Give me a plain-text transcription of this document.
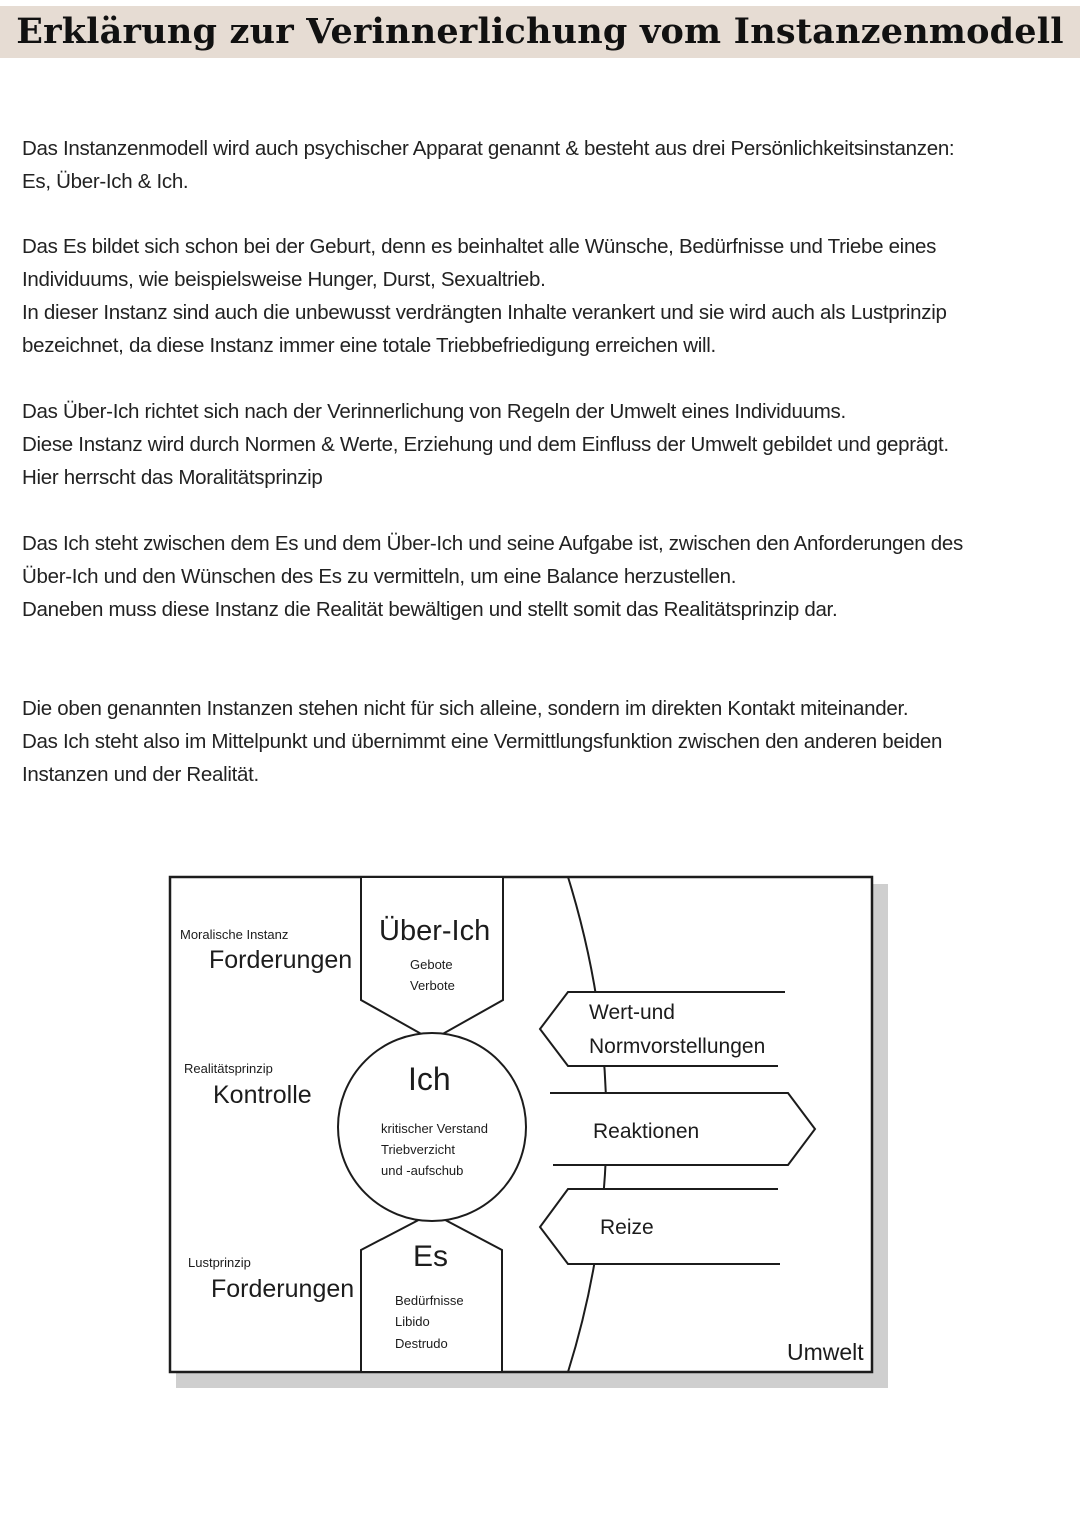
Erklärung zur Verinnerlichung vom Instanzenmodell
Das Instanzenmodell wird auch psychischer Apparat genannt & besteht aus drei Persönlichkeitsinstanzen:
Es, Über-Ich & Ich.
Das Es bildet sich schon bei der Geburt, denn es beinhaltet alle Wünsche, Bedürfnisse und Triebe eines
Individuums, wie beispielsweise Hunger, Durst, Sexualtrieb.
In dieser Instanz sind auch die unbewusst verdrängten Inhalte verankert und sie wird auch als Lustprinzip
bezeichnet, da diese Instanz immer eine totale Triebbefriedigung erreichen will.
Das Über-Ich richtet sich nach der Verinnerlichung von Regeln der Umwelt eines Individuums.
Diese Instanz wird durch Normen & Werte, Erziehung und dem Einfluss der Umwelt gebildet und geprägt.
Hier herrscht das Moralitätsprinzip
Das Ich steht zwischen dem Es und dem Über-Ich und seine Aufgabe ist, zwischen den Anforderungen des
Über-Ich und den Wünschen des Es zu vermitteln, um eine Balance herzustellen.
Daneben muss diese Instanz die Realität bewältigen und stellt somit das Realitätsprinzip dar.
Die oben genannten Instanzen stehen nicht für sich alleine, sondern im direkten Kontakt miteinander.
Das Ich steht also im Mittelpunkt und übernimmt eine Vermittlungsfunktion zwischen den anderen beiden
Instanzen und der Realität.
Moralische Instanz
Forderungen
Realitätsprinzip
Kontrolle
Lustprinzip
Forderungen
Über-Ich
Gebote
Verbote
Ich
kritischer Verstand
Triebverzicht
und -aufschub
Es
Bedürfnisse
Libido
Destrudo
Wert-und
Normvorstellungen
Reaktionen
Reize
Umwelt
